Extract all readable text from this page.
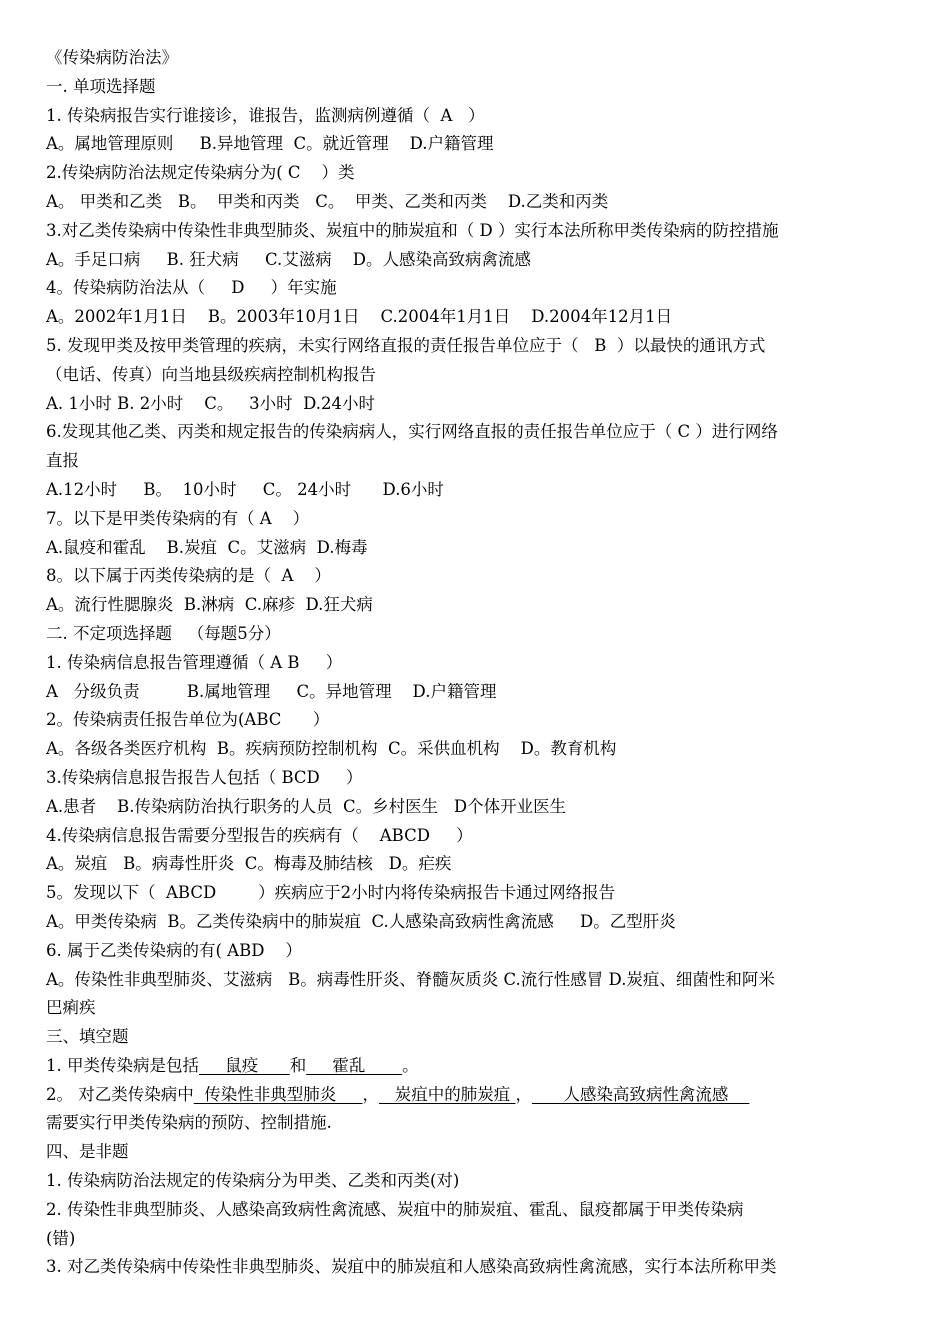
《传染病防治法》
一. 单项选择题
1. 传染病报告实行谁接诊，谁报告，监测病例遵循（  A   ）
A。属地管理原则     B.异地管理  C。就近管理    D.户籍管理
2.传染病防治法规定传染病分为( C    ）类
A。 甲类和乙类   B。  甲类和丙类   C。  甲类、乙类和丙类    D.乙类和丙类
3.对乙类传染病中传染性非典型肺炎、炭疽中的肺炭疽和（ D ）实行本法所称甲类传染病的防控措施
A。手足口病     B. 狂犬病     C.艾滋病    D。人感染高致病禽流感
4。传染病防治法从（     D     ）年实施
A。2002年1月1日    B。2003年10月1日    C.2004年1月1日    D.2004年12月1日
5. 发现甲类及按甲类管理的疾病，未实行网络直报的责任报告单位应于（   B  ）以最快的通讯方式
（电话、传真）向当地县级疾病控制机构报告
A. 1小时 B. 2小时    C。   3小时  D.24小时
6.发现其他乙类、丙类和规定报告的传染病病人，实行网络直报的责任报告单位应于（ C ）进行网络
直报
A.12小时     B。  10小时     C。 24小时      D.6小时
7。以下是甲类传染病的有（ A    ）
A.鼠疫和霍乱    B.炭疽  C。艾滋病  D.梅毒
8。以下属于丙类传染病的是（  A    ）
A。流行性腮腺炎  B.淋病  C.麻疹  D.狂犬病
二. 不定项选择题   （每题5分）
1. 传染病信息报告管理遵循（ A B     ）
A   分级负责         B.属地管理     C。异地管理    D.户籍管理
2。传染病责任报告单位为(ABC      ）
A。各级各类医疗机构  B。疾病预防控制机构  C。采供血机构    D。教育机构
3.传染病信息报告报告人包括（ BCD     ）
A.患者    B.传染病防治执行职务的人员  C。乡村医生   D个体开业医生
4.传染病信息报告需要分型报告的疾病有（    ABCD     ）
A。炭疽   B。病毒性肝炎  C。梅毒及肺结核   D。疟疾
5。发现以下（  ABCD        ）疾病应于2小时内将传染病报告卡通过网络报告
A。甲类传染病  B。乙类传染病中的肺炭疽  C.人感染高致病性禽流感     D。乙型肝炎
6. 属于乙类传染病的有( ABD    ）
A。传染性非典型肺炎、艾滋病   B。病毒性肝炎、脊髓灰质炎 C.流行性感冒 D.炭疽、细菌性和阿米
巴痢疾
三、填空题
1. 甲类传染病是包括     鼠疫      和     霍乱       。
2。 对乙类传染病中  传染性非典型肺炎     ，   炭疽中的肺炭疽 ，      人感染高致病性禽流感
需要实行甲类传染病的预防、控制措施.
四、是非题
1. 传染病防治法规定的传染病分为甲类、乙类和丙类(对)
2. 传染性非典型肺炎、人感染高致病性禽流感、炭疽中的肺炭疽、霍乱、鼠疫都属于甲类传染病
(错)
3. 对乙类传染病中传染性非典型肺炎、炭疽中的肺炭疽和人感染高致病性禽流感，实行本法所称甲类
